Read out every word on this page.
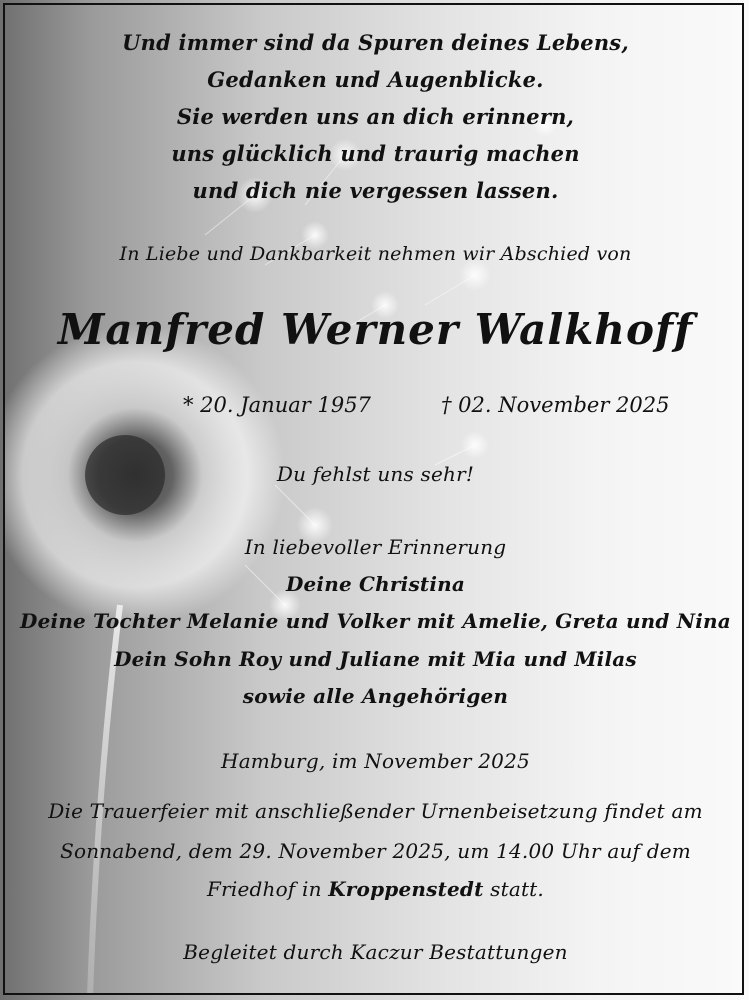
Und immer sind da Spuren deines Lebens,
Gedanken und Augenblicke.
Sie werden uns an dich erinnern,
uns glücklich und traurig machen
und dich nie vergessen lassen.
In Liebe und Dankbarkeit nehmen wir Abschied von
Manfred Werner Walkhoff
* 20. Januar 1957	† 02. November 2025
Du fehlst uns sehr!
In liebevoller Erinnerung
Deine Christina
Deine Tochter Melanie und Volker mit Amelie, Greta und Nina
Dein Sohn Roy und Juliane mit Mia und Milas
sowie alle Angehörigen
Hamburg, im November 2025
Die Trauerfeier mit anschließender Urnenbeisetzung findet am
Sonnabend, dem 29. November 2025, um 14.00 Uhr auf dem
Friedhof in Kroppenstedt statt.
Begleitet durch Kaczur Bestattungen
